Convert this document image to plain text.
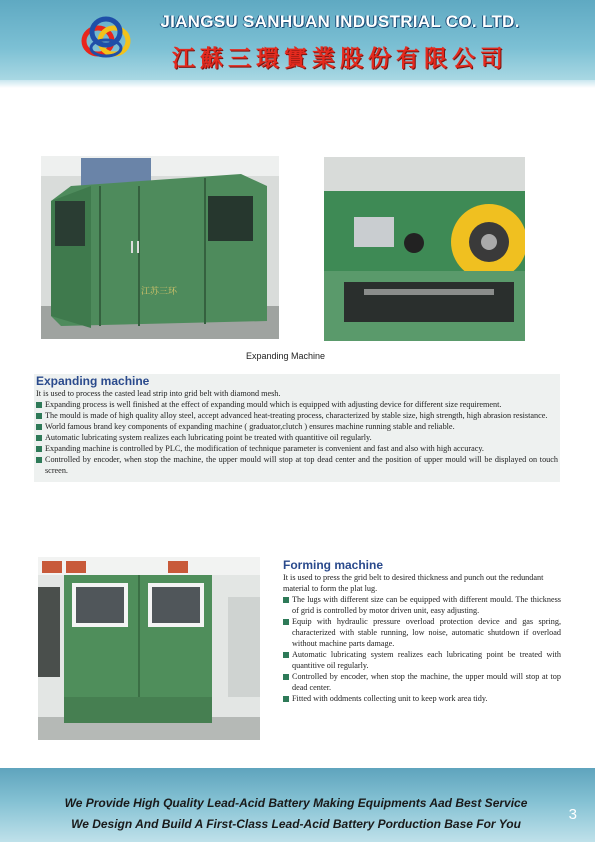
JIANGSU SANHUAN INDUSTRIAL CO. LTD.
江蘇三環實業股份有限公司
江苏三环
Expanding Machine
Expanding machine
It is used to process the casted lead strip into grid belt with diamond mesh.
Expanding process is well finished at the effect of expanding mould which is equipped with adjusting device for different size requirement.
The mould is made of high quality alloy steel, accept advanced heat-treating process, characterized by stable size, high strength, high abrasion resistance.
World famous brand key components of expanding machine ( graduator,clutch ) ensures machine running stable and reliable.
Automatic lubricating system realizes each lubricating point be treated with quantitive oil regularly.
Expanding machine is controlled by PLC, the modification of technique parameter is convenient and fast and also with high accuracy.
Controlled by encoder, when stop the machine, the upper mould will stop at top dead center and the position of upper mould will be displayed on touch screen.
Forming machine
It is used to press the grid belt to desired thickness and punch out the redundant material to form the plat lug.
The lugs with different size can be equipped with different mould. The thickness of grid is controlled by motor driven unit, easy adjusting.
Equip with hydraulic pressure overload protection device and gas spring, characterized with stable running, low noise, automatic shutdown if overload without machine parts damage.
Automatic lubricating system realizes each lubricating point be treated with quantitive oil regularly.
Controlled by encoder, when stop the machine, the upper mould will stop at top dead center.
Fitted with oddments collecting unit to keep work area tidy.
We Provide High Quality Lead-Acid Battery Making Equipments Aad Best Service
We Design And Build A First-Class Lead-Acid Battery Porduction Base For You
3
